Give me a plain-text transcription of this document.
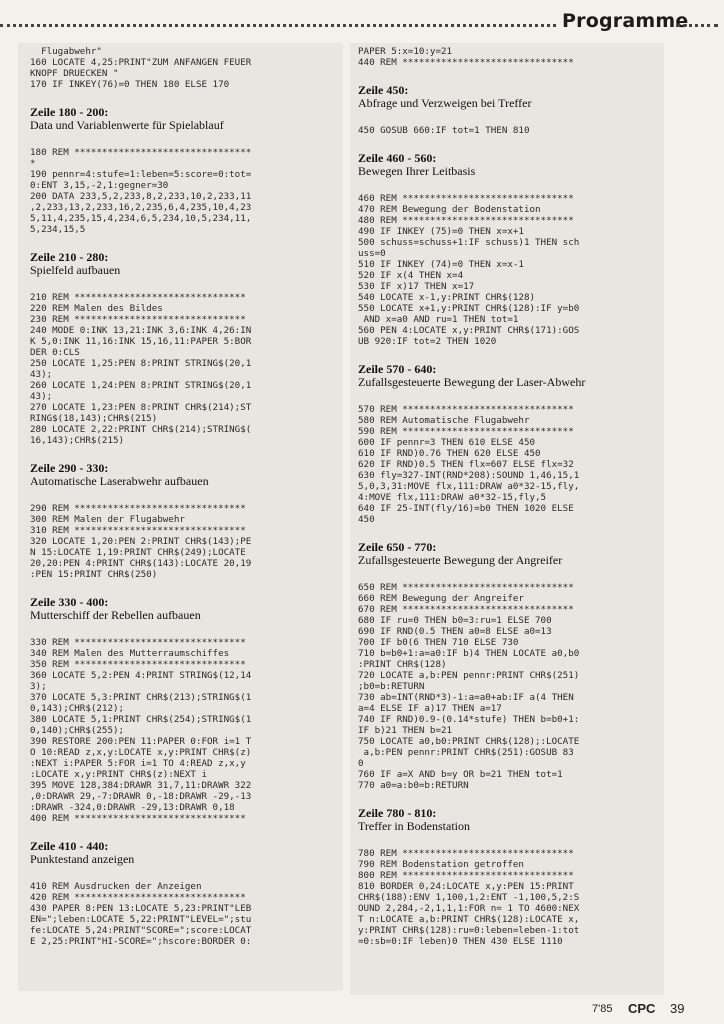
Programme
Flugabwehr"
160 LOCATE 4,25:PRINT"ZUM ANFANGEN FEUER
KNOPF DRUECKEN "
170 IF INKEY(76)=0 THEN 180 ELSE 170
Zeile 180 - 200:
Data und Variablenwerte für Spielablauf
180 REM ********************************
*
190 pennr=4:stufe=1:leben=5:score=0:tot=
0:ENT 3,15,-2,1:gegner=30
200 DATA 233,5,2,233,8,2,233,10,2,233,11
,2,233,13,2,233,16,2,235,6,4,235,10,4,23
5,11,4,235,15,4,234,6,5,234,10,5,234,11,
5,234,15,5
Zeile 210 - 280:
Spielfeld aufbauen
210 REM *******************************
220 REM Malen des Bildes
230 REM *******************************
240 MODE 0:INK 13,21:INK 3,6:INK 4,26:IN
K 5,0:INK 11,16:INK 15,16,11:PAPER 5:BOR
DER 0:CLS
250 LOCATE 1,25:PEN 8:PRINT STRING$(20,1
43);
260 LOCATE 1,24:PEN 8:PRINT STRING$(20,1
43);
270 LOCATE 1,23:PEN 8:PRINT CHR$(214);ST
RING$(18,143);CHR$(215)
280 LOCATE 2,22:PRINT CHR$(214);STRING$(
16,143);CHR$(215)
Zeile 290 - 330:
Automatische Laserabwehr aufbauen
290 REM *******************************
300 REM Malen der Flugabwehr
310 REM *******************************
320 LOCATE 1,20:PEN 2:PRINT CHR$(143);PE
N 15:LOCATE 1,19:PRINT CHR$(249);LOCATE
20,20:PEN 4:PRINT CHR$(143):LOCATE 20,19
:PEN 15:PRINT CHR$(250)
Zeile 330 - 400:
Mutterschiff der Rebellen aufbauen
330 REM *******************************
340 REM Malen des Mutterraumschiffes
350 REM *******************************
360 LOCATE 5,2:PEN 4:PRINT STRING$(12,14
3);
370 LOCATE 5,3:PRINT CHR$(213);STRING$(1
0,143);CHR$(212);
380 LOCATE 5,1:PRINT CHR$(254);STRING$(1
0,140);CHR$(255);
390 RESTORE 200:PEN 11:PAPER 0:FOR i=1 T
O 10:READ z,x,y:LOCATE x,y:PRINT CHR$(z)
:NEXT i:PAPER 5:FOR i=1 TO 4:READ z,x,y
:LOCATE x,y:PRINT CHR$(z):NEXT i
395 MOVE 128,384:DRAWR 31,7,11:DRAWR 322
,0:DRAWR 29,-7:DRAWR 0,-18:DRAWR -29,-13
:DRAWR -324,0:DRAWR -29,13:DRAWR 0,18
400 REM *******************************
Zeile 410 - 440:
Punktestand anzeigen
410 REM Ausdrucken der Anzeigen
420 REM *******************************
430 PAPER 8:PEN 13:LOCATE 5,23:PRINT"LEB
EN=";leben:LOCATE 5,22:PRINT"LEVEL=";stu
fe:LOCATE 5,24:PRINT"SCORE=";score:LOCAT
E 2,25:PRINT"HI-SCORE=";hscore:BORDER 0:
PAPER 5:x=10:y=21
440 REM *******************************
Zeile 450:
Abfrage und Verzweigen bei Treffer
450 GOSUB 660:IF tot=1 THEN 810
Zeile 460 - 560:
Bewegen Ihrer Leitbasis
460 REM *******************************
470 REM Bewegung der Bodenstation
480 REM *******************************
490 IF INKEY (75)=0 THEN x=x+1
500 schuss=schuss+1:IF schuss)1 THEN sch
uss=0
510 IF INKEY (74)=0 THEN x=x-1
520 IF x(4 THEN x=4
530 IF x)17 THEN x=17
540 LOCATE x-1,y:PRINT CHR$(128)
550 LOCATE x+1,y:PRINT CHR$(128):IF y=b0
AND x=a0 AND ru=1 THEN tot=1
560 PEN 4:LOCATE x,y:PRINT CHR$(171):GOS
UB 920:IF tot=2 THEN 1020
Zeile 570 - 640:
Zufallsgesteuerte Bewegung der Laser-Abwehr
570 REM *******************************
580 REM Automatische Flugabwehr
590 REM *******************************
600 IF pennr=3 THEN 610 ELSE 450
610 IF RND)0.76 THEN 620 ELSE 450
620 IF RND)0.5 THEN flx=607 ELSE flx=32
630 fly=327-INT(RND*208):SOUND 1,46,15,1
5,0,3,31:MOVE flx,111:DRAW a0*32-15,fly,
4:MOVE flx,111:DRAW a0*32-15,fly,5
640 IF 25-INT(fly/16)=b0 THEN 1020 ELSE
450
Zeile 650 - 770:
Zufallsgesteuerte Bewegung der Angreifer
650 REM *******************************
660 REM Bewegung der Angreifer
670 REM *******************************
680 IF ru=0 THEN b0=3:ru=1 ELSE 700
690 IF RND(0.5 THEN a0=8 ELSE a0=13
700 IF b0(6 THEN 710 ELSE 730
710 b=b0+1:a=a0:IF b)4 THEN LOCATE a0,b0
:PRINT CHR$(128)
720 LOCATE a,b:PEN pennr:PRINT CHR$(251)
;b0=b:RETURN
730 ab=INT(RND*3)-1:a=a0+ab:IF a(4 THEN
a=4 ELSE IF a)17 THEN a=17
740 IF RND)0.9-(0.14*stufe) THEN b=b0+1:
IF b)21 THEN b=21
750 LOCATE a0,b0:PRINT CHR$(128);:LOCATE
a,b:PEN pennr:PRINT CHR$(251):GOSUB 83
0
760 IF a=X AND b=y OR b=21 THEN tot=1
770 a0=a:b0=b:RETURN
Zeile 780 - 810:
Treffer in Bodenstation
780 REM *******************************
790 REM Bodenstation getroffen
800 REM *******************************
810 BORDER 0,24:LOCATE x,y:PEN 15:PRINT
CHR$(188):ENV 1,100,1,2:ENT -1,100,5,2:S
OUND 2,284,-2,1,1,1:FOR n= 1 TO 4600:NEX
T n:LOCATE a,b:PRINT CHR$(128):LOCATE x,
y:PRINT CHR$(128):ru=0:leben=leben-1:tot
=0:sb=0:IF leben)0 THEN 430 ELSE 1110
7'85 CPC 39
